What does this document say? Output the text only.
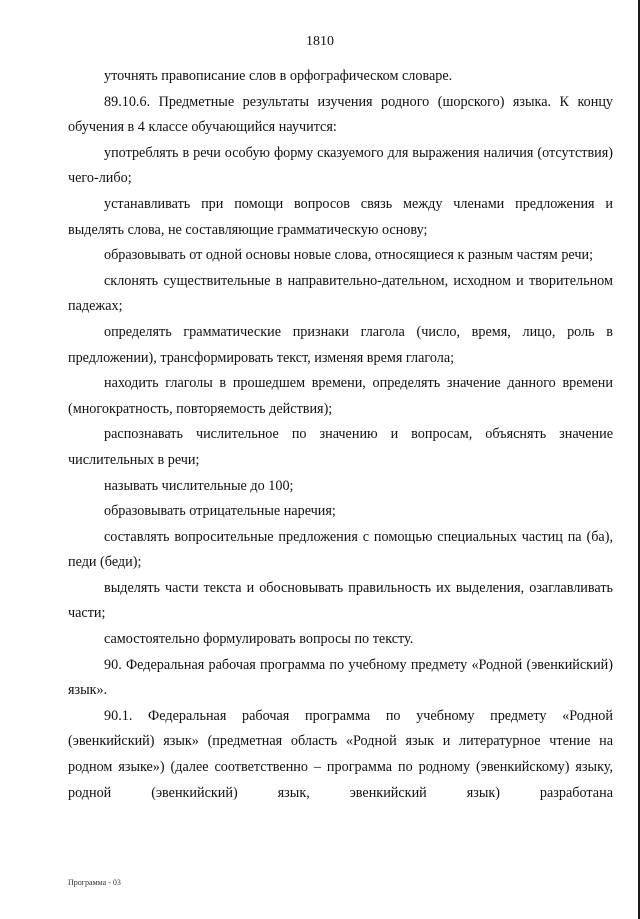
1810

уточнять правописание слов в орфографическом словаре.

89.10.6. Предметные результаты изучения родного (шорского) языка. К концу обучения в 4 классе обучающийся научится:

употреблять в речи особую форму сказуемого для выражения наличия (отсутствия) чего-либо;

устанавливать при помощи вопросов связь между членами предложения и выделять слова, не составляющие грамматическую основу;

образовывать от одной основы новые слова, относящиеся к разным частям речи;

склонять существительные в направительно-дательном, исходном и творительном падежах;

определять грамматические признаки глагола (число, время, лицо, роль в предложении), трансформировать текст, изменяя время глагола;

находить глаголы в прошедшем времени, определять значение данного времени (многократность, повторяемость действия);

распознавать числительное по значению и вопросам, объяснять значение числительных в речи;

называть числительные до 100;

образовывать отрицательные наречия;

составлять вопросительные предложения с помощью специальных частиц па (ба), педи (беди);

выделять части текста и обосновывать правильность их выделения, озаглавливать части;

самостоятельно формулировать вопросы по тексту.

90. Федеральная рабочая программа по учебному предмету «Родной (эвенкийский) язык».

90.1. Федеральная рабочая программа по учебному предмету «Родной (эвенкийский) язык» (предметная область «Родной язык и литературное чтение на родном языке») (далее соответственно – программа по родному (эвенкийскому) языку, родной (эвенкийский) язык, эвенкийский язык) разработана

Программа - 03
